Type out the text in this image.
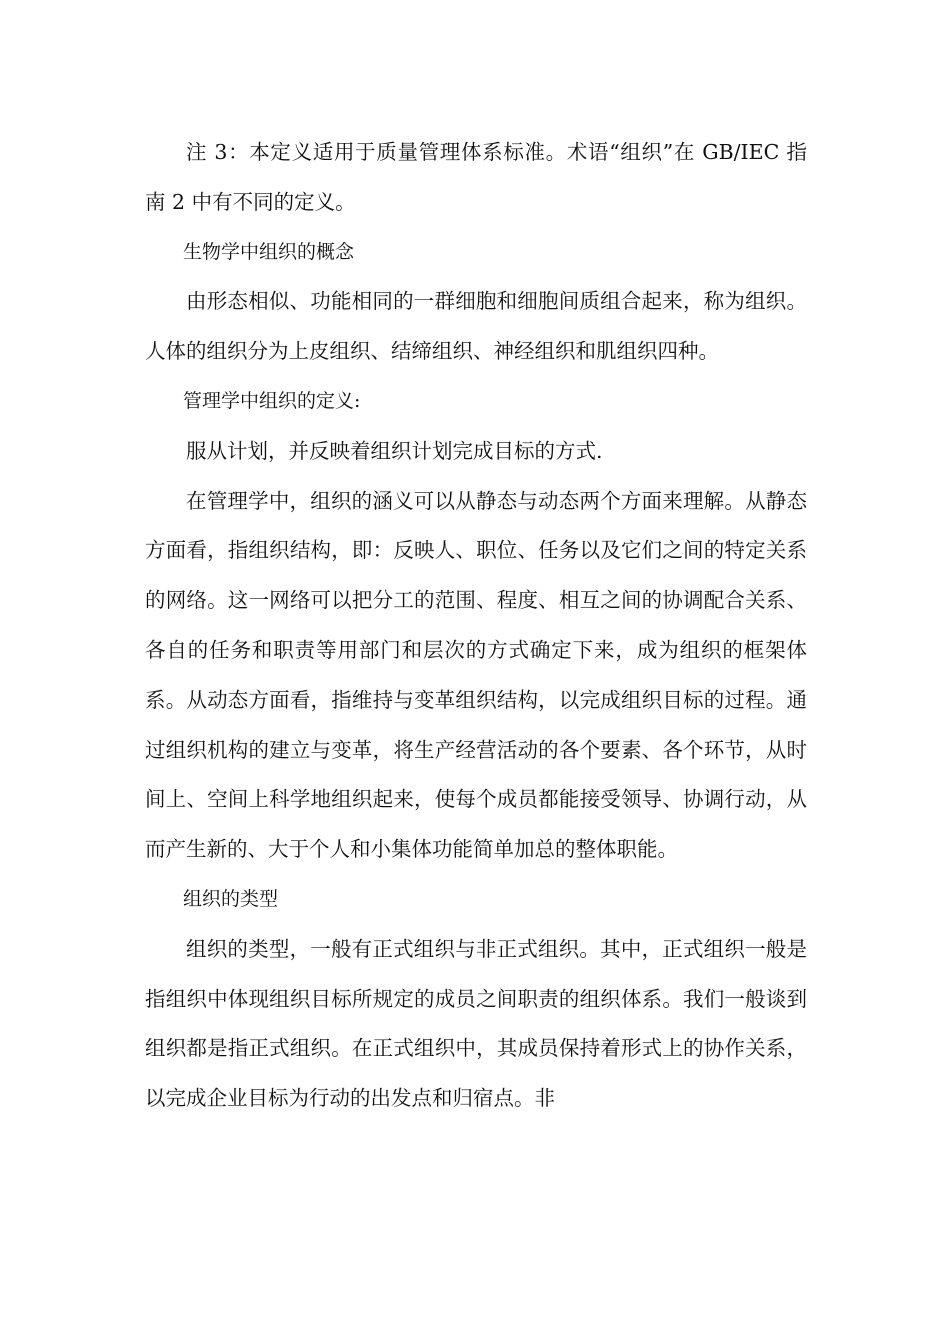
注 3：本定义适用于质量管理体系标准。术语“组织”在 GB/IEC 指南 2 中有不同的定义。

生物学中组织的概念

由形态相似、功能相同的一群细胞和细胞间质组合起来，称为组织。人体的组织分为上皮组织、结缔组织、神经组织和肌组织四种。

管理学中组织的定义:

服从计划，并反映着组织计划完成目标的方式.

在管理学中，组织的涵义可以从静态与动态两个方面来理解。从静态方面看，指组织结构，即：反映人、职位、任务以及它们之间的特定关系的网络。这一网络可以把分工的范围、程度、相互之间的协调配合关系、各自的任务和职责等用部门和层次的方式确定下来，成为组织的框架体系。从动态方面看，指维持与变革组织结构，以完成组织目标的过程。通过组织机构的建立与变革，将生产经营活动的各个要素、各个环节，从时间上、空间上科学地组织起来，使每个成员都能接受领导、协调行动，从而产生新的、大于个人和小集体功能简单加总的整体职能。

组织的类型

组织的类型，一般有正式组织与非正式组织。其中，正式组织一般是指组织中体现组织目标所规定的成员之间职责的组织体系。我们一般谈到组织都是指正式组织。在正式组织中，其成员保持着形式上的协作关系，以完成企业目标为行动的出发点和归宿点。非
